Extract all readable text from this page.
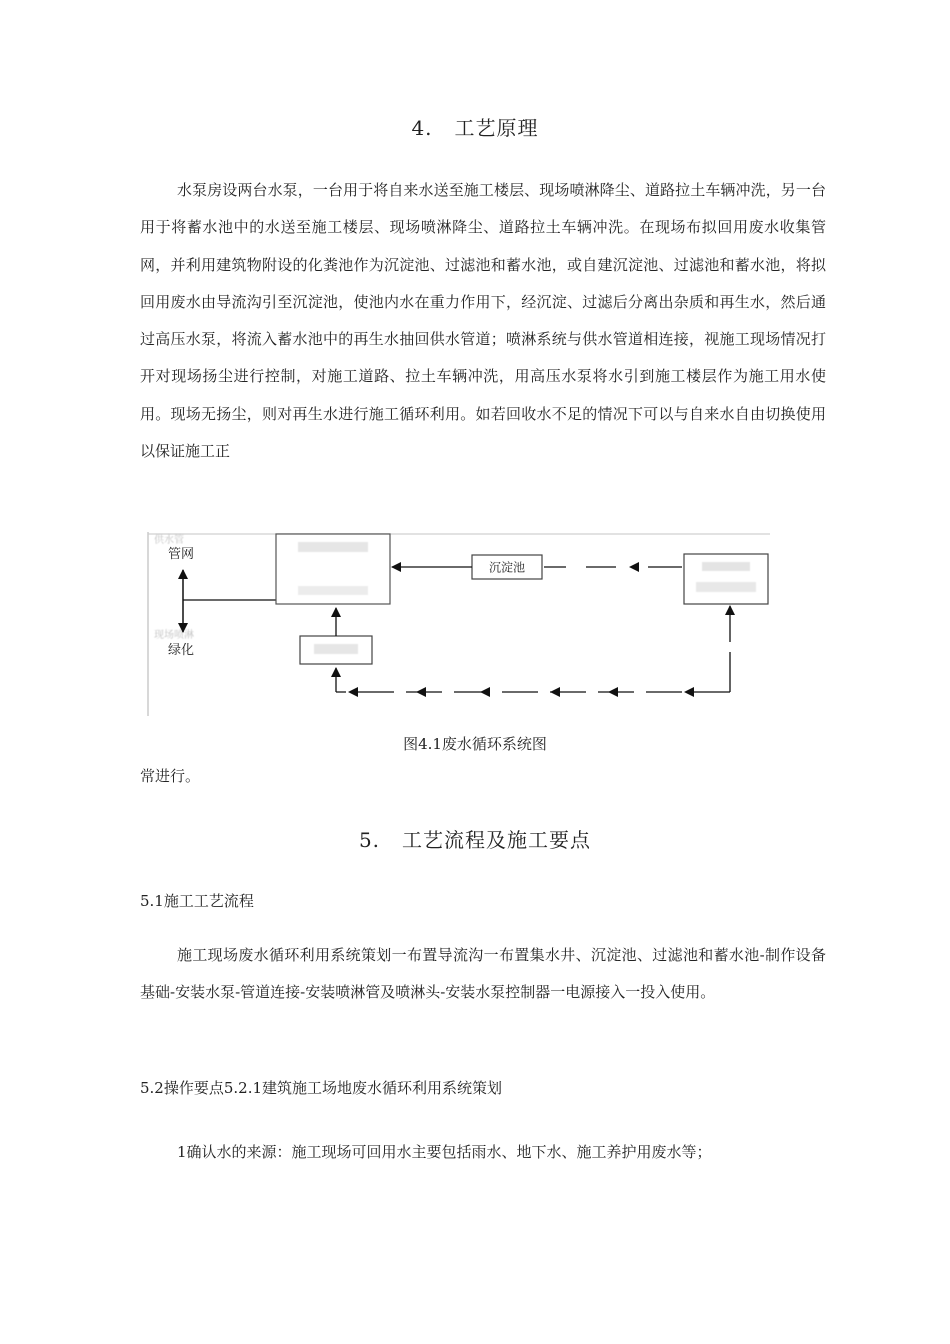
4. 工艺原理

水泵房设两台水泵，一台用于将自来水送至施工楼层、现场喷淋降尘、道路拉土车辆冲洗，另一台用于将蓄水池中的水送至施工楼层、现场喷淋降尘、道路拉土车辆冲洗。在现场布拟回用废水收集管网，并利用建筑物附设的化粪池作为沉淀池、过滤池和蓄水池，或自建沉淀池、过滤池和蓄水池，将拟回用废水由导流沟引至沉淀池，使池内水在重力作用下，经沉淀、过滤后分离出杂质和再生水，然后通过高压水泵，将流入蓄水池中的再生水抽回供水管道；喷淋系统与供水管道相连接，视施工现场情况打开对现场扬尘进行控制，对施工道路、拉土车辆冲洗，用高压水泵将水引到施工楼层作为施工用水使用。现场无扬尘，则对再生水进行施工循环利用。如若回收水不足的情况下可以与自来水自由切换使用以保证施工正

供水管
管网
现场喷淋
绿化
沉淀池

图4.1废水循环系统图

常进行。

5. 工艺流程及施工要点

5.1施工工艺流程

施工现场废水循环利用系统策划一布置导流沟一布置集水井、沉淀池、过滤池和蓄水池-制作设备基础-安装水泵-管道连接-安装喷淋管及喷淋头-安装水泵控制器一电源接入一投入使用。

5.2操作要点5.2.1建筑施工场地废水循环利用系统策划

1确认水的来源：施工现场可回用水主要包括雨水、地下水、施工养护用废水等；
